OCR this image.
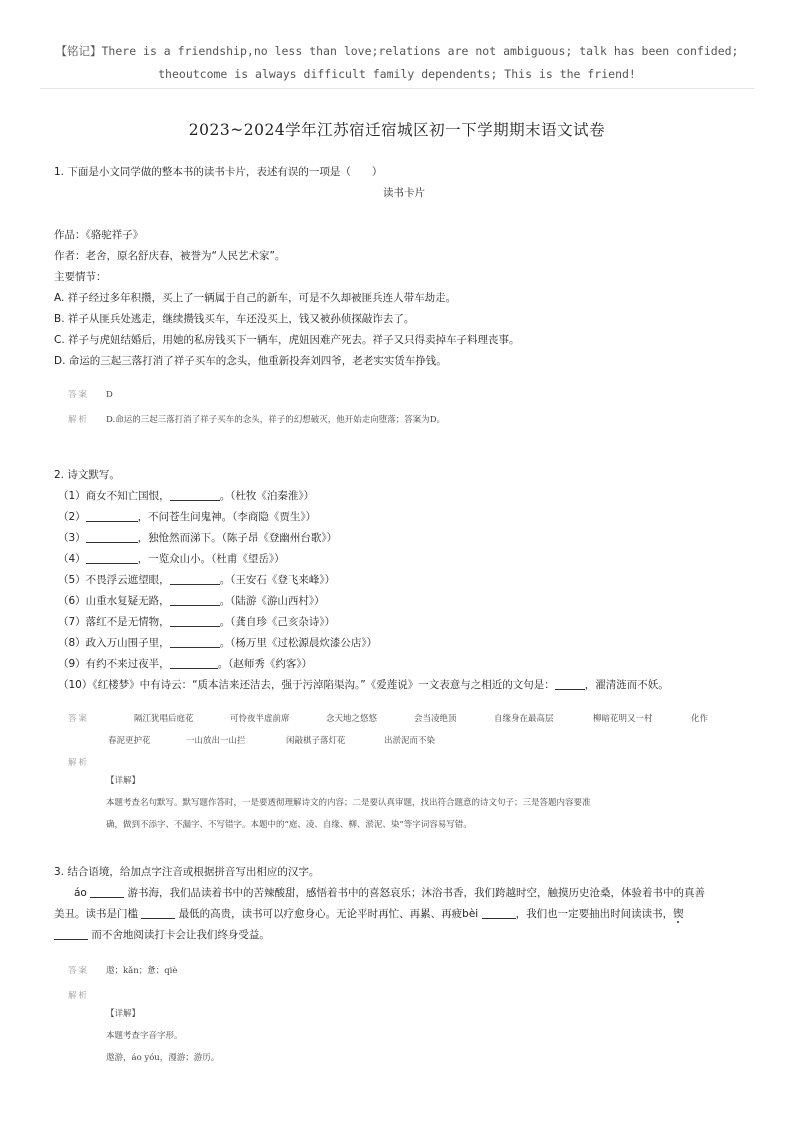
【铭记】There is a friendship,no less than love;relations are not ambiguous; talk has been confided;
theoutcome is always difficult family dependents; This is the friend!
2023~2024学年江苏宿迁宿城区初一下学期期末语文试卷
1. 下面是小文同学做的整本书的读书卡片，表述有误的一项是（　　）
读书卡片
作品：《骆驼祥子》
作者：老舍，原名舒庆春，被誉为“人民艺术家”。
主要情节：
A. 祥子经过多年积攒，买上了一辆属于自己的新车，可是不久却被匪兵连人带车劫走。
B. 祥子从匪兵处逃走，继续攒钱买车，车还没买上，钱又被孙侦探敲诈去了。
C. 祥子与虎妞结婚后，用她的私房钱买下一辆车，虎妞因难产死去。祥子又只得卖掉车子料理丧事。
D. 命运的三起三落打消了祥子买车的念头，他重新投奔刘四爷，老老实实赁车挣钱。
答案 D
解析 D.命运的三起三落打消了祥子买车的念头，祥子的幻想破灭，他开始走向堕落；答案为D。
2. 诗文默写。
（1）商女不知亡国恨，	。（杜牧《泊秦淮》）
（2）	，不问苍生问鬼神。（李商隐《贾生》）
（3）	，独怆然而涕下。（陈子昂《登幽州台歌》）
（4）	，一览众山小。（杜甫《望岳》）
（5）不畏浮云遮望眼，	。（王安石《登飞来峰》）
（6）山重水复疑无路，	。（陆游《游山西村》）
（7）落红不是无情物，	。（龚自珍《己亥杂诗》）
（8）政入万山围子里，	。（杨万里《过松源晨炊漆公店》）
（9）有约不来过夜半，	。（赵师秀《约客》）
（10）《红楼梦》中有诗云：“质本洁来还洁去，强于污淖陷渠沟。”《爱莲说》一文表意与之相近的文句是：	，濯清涟而不妖。
答案	隔江犹唱后庭花	可怜夜半虚前席	念天地之悠悠	会当凌绝顶	自缘身在最高层	柳暗花明又一村	化作
春泥更护花	一山放出一山拦	闲敲棋子落灯花	出淤泥而不染
解析
【详解】
本题考查名句默写。默写题作答时，一是要透彻理解诗文的内容；二是要认真审题，找出符合题意的诗文句子；三是答题内容要准
确，做到不添字、不漏字、不写错字。本题中的“庭、凌、自缘、柳、淤泥、染”等字词容易写错。
3. 结合语境，给加点字注音或根据拼音写出相应的汉字。
áo	游书海，我们品读着书中的苦辣酸甜，感悟着书中的喜怒哀乐；沐浴书香，我们跨越时空，触摸历史沧桑，体验着书中的真善
美丑。读书是门槛	最低的高贵，读书可以疗愈身心。无论平时再忙、再累、再疲bèi	，我们也一定要抽出时间读读书，锲
而不舍地阅读打卡会让我们终身受益。
答案 遨；kǎn；惫；qiè
解析
【详解】
本题考查字音字形。
遨游，áo yóu，漫游；游历。
